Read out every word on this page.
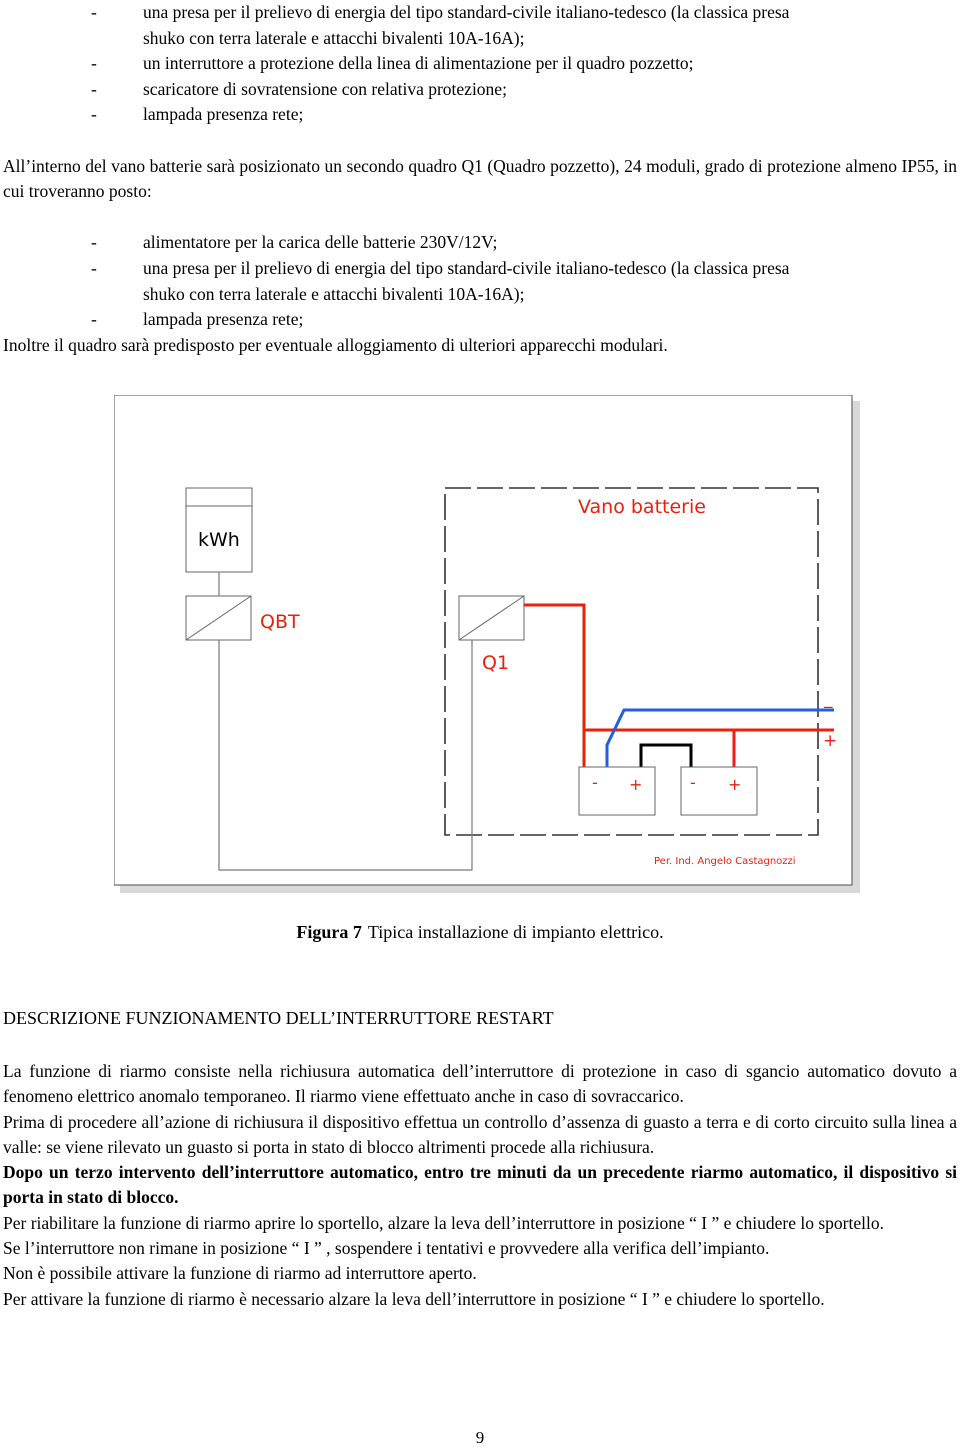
-	una presa per il prelievo di energia del tipo standard-civile italiano-tedesco (la classica presa
shuko con terra laterale e attacchi bivalenti 10A-16A);
-	un interruttore a protezione della linea di alimentazione per il quadro pozzetto;
-	scaricatore di sovratensione con relativa protezione;
-	lampada presenza rete;
All’interno del vano batterie sarà posizionato un secondo quadro Q1 (Quadro pozzetto), 24 moduli, grado di protezione almeno IP55, in cui troveranno posto:
-	alimentatore per la carica delle batterie 230V/12V;
-	una presa per il prelievo di energia del tipo standard-civile italiano-tedesco (la classica presa
shuko con terra laterale e attacchi bivalenti 10A-16A);
-	lampada presenza rete;
Inoltre il quadro sarà predisposto per eventuale alloggiamento di ulteriori apparecchi modulari.
kWh
Vano batterie
QBT
Q1
_
+
- +	- +
Per. Ind. Angelo Castagnozzi
Figura 7 Tipica installazione di impianto elettrico.
DESCRIZIONE FUNZIONAMENTO DELL’INTERRUTTORE RESTART

La funzione di riarmo consiste nella richiusura automatica dell’interruttore di protezione in caso di sgancio automatico dovuto a fenomeno elettrico anomalo temporaneo. Il riarmo viene effettuato anche in caso di sovraccarico.

Prima di procedere all’azione di richiusura il dispositivo effettua un controllo d’assenza di guasto a terra e di corto circuito sulla linea a valle: se viene rilevato un guasto si porta in stato di blocco altrimenti procede alla richiusura.

Dopo un terzo intervento dell’interruttore automatico, entro tre minuti da un precedente riarmo automatico, il dispositivo si porta in stato di blocco.

Per riabilitare la funzione di riarmo aprire lo sportello, alzare la leva dell’interruttore in posizione “ I ” e chiudere lo sportello.

Se l’interruttore non rimane in posizione “ I ” , sospendere i tentativi e provvedere alla verifica dell’impianto.

Non è possibile attivare la funzione di riarmo ad interruttore aperto.

Per attivare la funzione di riarmo è necessario alzare la leva dell’interruttore in posizione “ I ” e chiudere lo sportello.

9
